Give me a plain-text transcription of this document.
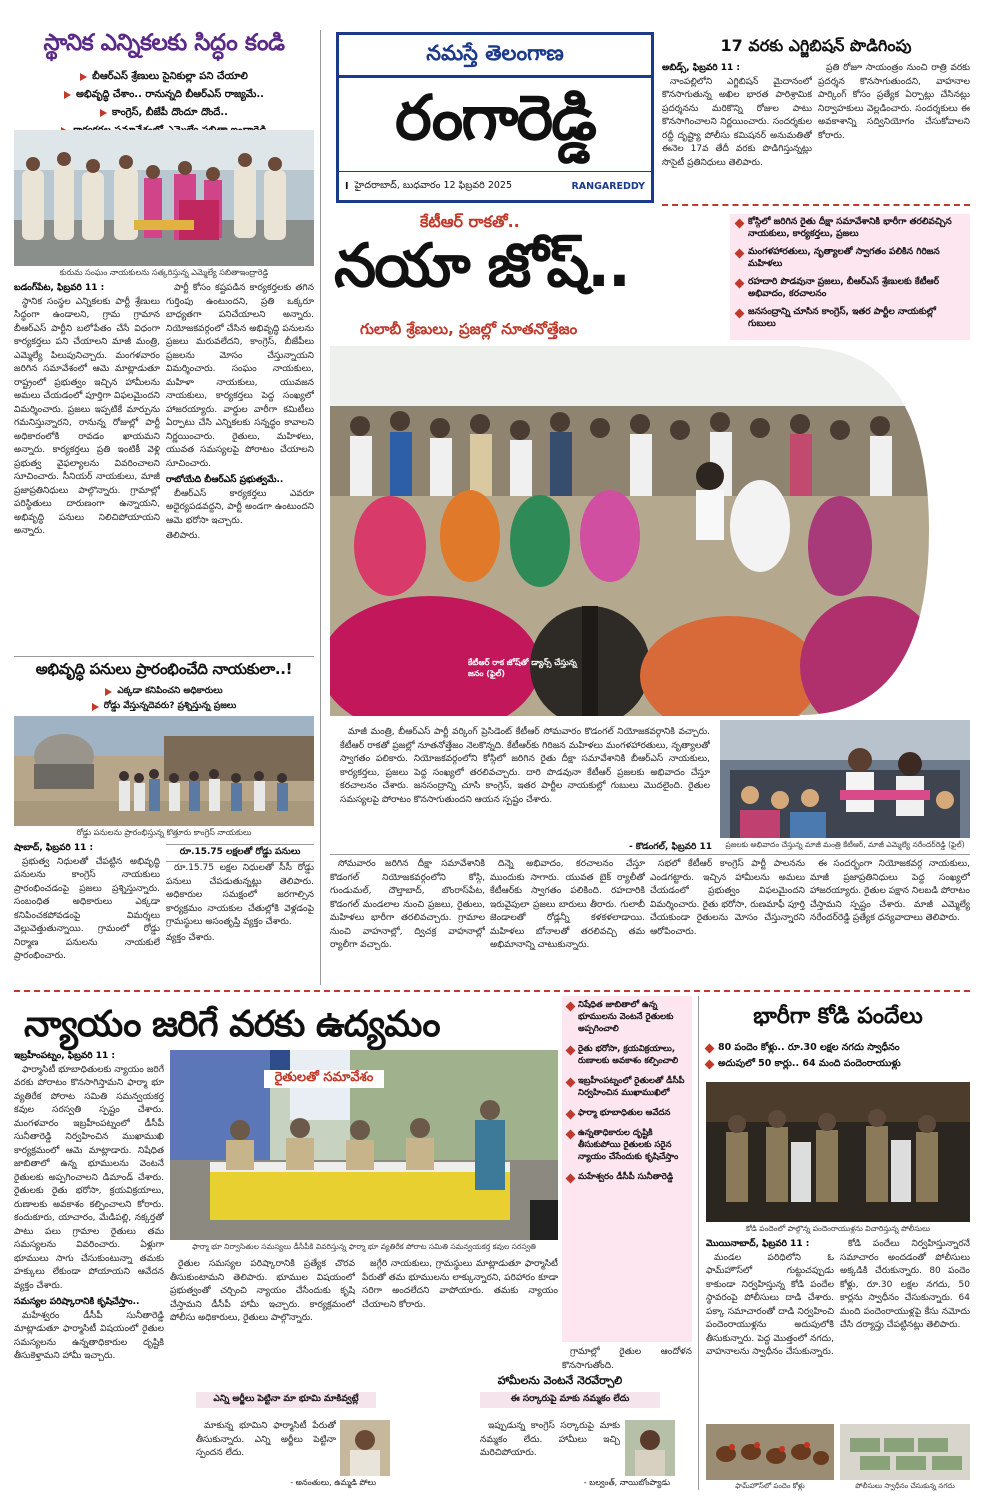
స్థానిక ఎన్నికలకు సిద్ధం కండి
బీఆర్‌ఎస్‌ శ్రేణులు సైనికుల్లా పని చేయాలి
అభివృద్ధి చేశాం.. రానున్నది బీఆర్‌ఎస్‌ రాజ్యమే..
కాంగ్రెస్‌, బీజేపీ దొందూ దొందే..
కురుమ సంఘం నాయకులను సత్కరిస్తున్న ఎమ్మెల్యే సబితాఇంద్రారెడ్డి
బడంగ్‌పేట, ఫిబ్రవరి 11 :

స్థానిక సంస్థల ఎన్నికలకు పార్టీ శ్రేణులు సిద్ధంగా ఉండాలని, గ్రామ గ్రామాన బీఆర్‌ఎస్‌ పార్టీని బలోపేతం చేసే విధంగా కార్యకర్తలు పని చేయాలని మాజీ మంత్రి, ఎమ్మెల్యే పిలుపునిచ్చారు. మంగళవారం జరిగిన సమావేశంలో ఆమె మాట్లాడుతూ రాష్ట్రంలో ప్రభుత్వం ఇచ్చిన హామీలను అమలు చేయడంలో పూర్తిగా విఫలమైందని విమర్శించారు. ప్రజలు ఇప్పటికే మార్పును గమనిస్తున్నారని, రానున్న రోజుల్లో పార్టీ అధికారంలోకి రావడం ఖాయమని అన్నారు. కార్యకర్తలు ప్రతి ఇంటికీ వెళ్లి ప్రభుత్వ వైఫల్యాలను వివరించాలని సూచించారు. సీనియర్‌ నాయకులు, మాజీ ప్రజాప్రతినిధులు పాల్గొన్నారు. గ్రామాల్లో పరిస్థితులు దారుణంగా ఉన్నాయని, అభివృద్ధి పనులు నిలిచిపోయాయని అన్నారు.

పార్టీ కోసం కష్టపడిన కార్యకర్తలకు తగిన గుర్తింపు ఉంటుందని, ప్రతి ఒక్కరూ బాధ్యతగా పనిచేయాలని అన్నారు. నియోజకవర్గంలో చేసిన అభివృద్ధి పనులను ప్రజలు మరువలేదని, కాంగ్రెస్‌, బీజేపీలు ప్రజలను మోసం చేస్తున్నాయని విమర్శించారు. సంఘం నాయకులు, మహిళా నాయకులు, యువజన నాయకులు, కార్యకర్తలు పెద్ద సంఖ్యలో హాజరయ్యారు. వార్డుల వారీగా కమిటీలు ఏర్పాటు చేసి ఎన్నికలకు సన్నద్ధం కావాలని నిర్ణయించారు. రైతులు, మహిళలు, యువత సమస్యలపై పోరాటం చేయాలని సూచించారు.

రాబోయేది బీఆర్‌ఎస్‌ ప్రభుత్వమే..

బీఆర్‌ఎస్‌ కార్యకర్తలు ఎవరూ అధైర్యపడవద్దని, పార్టీ అండగా ఉంటుందని ఆమె భరోసా ఇచ్చారు.

తెలిపారు.
అభివృద్ధి పనులు ప్రారంభించేది నాయకులా..!
ఎక్కడా కనిపించని అధికారులు
రోడ్డు వేస్తున్నదెవరు? ప్రశ్నిస్తున్న ప్రజలు
రోడ్డు పనులను ప్రారంభిస్తున్న కొత్తూరు కాంగ్రెస్‌ నాయకులు
షాబాద్‌, ఫిబ్రవరి 11 :

ప్రభుత్వ నిధులతో చేపట్టిన అభివృద్ధి పనులను కాంగ్రెస్‌ నాయకులు ప్రారంభించడంపై ప్రజలు ప్రశ్నిస్తున్నారు. సంబంధిత అధికారులు ఎక్కడా కనిపించకపోవడంపై విమర్శలు వెల్లువెత్తుతున్నాయి. గ్రామంలో రోడ్డు నిర్మాణ పనులను నాయకులే ప్రారంభించారు.

రూ.15.75 లక్షలతో రోడ్డు పనులు

రూ.15.75 లక్షల నిధులతో సీసీ రోడ్డు పనులు చేపడుతున్నట్లు తెలిపారు. అధికారుల సమక్షంలో జరగాల్సిన కార్యక్రమం నాయకుల చేతుల్లోకి వెళ్లడంపై గ్రామస్థులు అసంతృప్తి వ్యక్తం చేశారు.

వ్యక్తం చేశారు.
నమస్తే తెలంగాణ
రంగారెడ్డి
I హైదరాబాద్‌, బుధవారం 12 ఫిబ్రవరి 2025	RANGAREDDY
17 వరకు ఎగ్జిబిషన్‌ పొడిగింపు
అబిడ్స్‌, ఫిబ్రవరి 11 :

నాంపల్లిలోని ఎగ్జిబిషన్‌ మైదానంలో కొనసాగుతున్న అఖిల భారత పారిశ్రామిక ప్రదర్శనను మరికొన్ని రోజుల పాటు కొనసాగించాలని నిర్ణయించారు. సందర్శకుల రద్దీ దృష్ట్యా పోలీసు కమిషనర్‌ అనుమతితో ఈనెల 17వ తేదీ వరకు పొడిగిస్తున్నట్లు సొసైటీ ప్రతినిధులు తెలిపారు.

ప్రతి రోజూ సాయంత్రం నుంచి రాత్రి వరకు ప్రదర్శన కొనసాగుతుందని, వాహనాల పార్కింగ్‌ కోసం ప్రత్యేక ఏర్పాట్లు చేసినట్లు నిర్వాహకులు వెల్లడించారు. సందర్శకులు ఈ అవకాశాన్ని సద్వినియోగం చేసుకోవాలని కోరారు.

కేటీఆర్‌ రాకతో..
నయా జోష్‌..
గులాబీ శ్రేణులు, ప్రజల్లో నూతనోత్తేజం
కోస్గిలో జరిగిన రైతు దీక్షా సమావేశానికి భారీగా తరలివచ్చిన నాయకులు, కార్యకర్తలు, ప్రజలు
మంగళహారతులు, నృత్యాలతో స్వాగతం పలికిన గిరిజన మహిళలు
రహదారి పొడవునా ప్రజలు, బీఆర్‌ఎస్‌ శ్రేణులకు కేటీఆర్‌ అభివాదం, కరచాలనం
జనసంద్రాన్ని చూసిన కాంగ్రెస్‌, ఇతర పార్టీల నాయకుల్లో గుబులు
కేటీఆర్‌ రాక జోష్‌తో డ్యాన్స్‌ చేస్తున్న జనం (ఫైల్‌)

మాజీ మంత్రి, బీఆర్‌ఎస్‌ పార్టీ వర్కింగ్‌ ప్రెసిడెంట్‌ కేటీఆర్‌ సోమవారం కొడంగల్‌ నియోజకవర్గానికి వచ్చారు. కేటీఆర్‌ రాకతో ప్రజల్లో నూతనోత్తేజం నెలకొన్నది. కేటీఆర్‌కు గిరిజన మహిళలు మంగళహారతులు, నృత్యాలతో స్వాగతం పలికారు. నియోజకవర్గంలోని కోస్గిలో జరిగిన రైతు దీక్షా సమావేశానికి బీఆర్‌ఎస్‌ నాయకులు, కార్యకర్తలు, ప్రజలు పెద్ద సంఖ్యలో తరలివచ్చారు. దారి పొడవునా కేటీఆర్‌ ప్రజలకు అభివాదం చేస్తూ కరచాలనం చేశారు. జనసంద్రాన్ని చూసి కాంగ్రెస్‌, ఇతర పార్టీల నాయకుల్లో గుబులు మొదలైంది. రైతుల సమస్యలపై పోరాటం కొనసాగుతుందని ఆయన స్పష్టం చేశారు.

- కొడంగల్‌, ఫిబ్రవరి 11	ప్రజలకు అభివాదం చేస్తున్న మాజీ మంత్రి కేటీఆర్‌, మాజీ ఎమ్మెల్యే నరేందర్‌రెడ్డి (ఫైల్‌)

సోమవారం జరిగిన దీక్షా సమావేశానికి కొడంగల్‌ నియోజకవర్గంలోని కోస్గి, గుండుమల్‌, దౌల్తాబాద్‌, బొంరాస్‌పేట, కొడంగల్‌ మండలాల నుంచి ప్రజలు, రైతులు, మహిళలు భారీగా తరలివచ్చారు. గ్రామాల నుంచి వాహనాల్లో, ద్విచక్ర వాహనాల్లో ర్యాలీగా వచ్చారు.

దిన్నె అభివాదం, కరచాలనం చేస్తూ ముందుకు సాగారు. యువత బైక్‌ ర్యాలీతో కేటీఆర్‌కు స్వాగతం పలికింది. రహదారికి ఇరువైపులా ప్రజలు బారులు తీరారు. గులాబీ జెండాలతో రోడ్లన్నీ కళకళలాడాయి. మహిళలు బోనాలతో తరలివచ్చి తమ అభిమానాన్ని చాటుకున్నారు.

సభలో కేటీఆర్‌ కాంగ్రెస్‌ పార్టీ పాలనను ఎండగట్టారు. ఇచ్చిన హామీలను అమలు చేయడంలో ప్రభుత్వం విఫలమైందని విమర్శించారు. రైతు భరోసా, రుణమాఫీ పూర్తి చేయకుండా రైతులను మోసం చేస్తున్నారని ఆరోపించారు.

ఈ సందర్భంగా నియోజకవర్గ నాయకులు, మాజీ ప్రజాప్రతినిధులు పెద్ద సంఖ్యలో హాజరయ్యారు. రైతుల పక్షాన నిలబడి పోరాటం చేస్తామని స్పష్టం చేశారు. మాజీ ఎమ్మెల్యే నరేందర్‌రెడ్డి ప్రత్యేక ధన్యవాదాలు తెలిపారు.

న్యాయం జరిగే వరకు ఉద్యమం	నిషేధిత జాబితాలో ఉన్న భూములను వెంటనే రైతులకు అప్పగించాలి
రైతు భరోసా, క్రయవిక్రయాలు, రుణాలకు అవకాశం కల్పించాలి
ఇబ్రహీంపట్నంలో రైతులతో డీసీపీ నిర్వహించిన ముఖాముఖిలో
ఫార్మా భూబాధితుల ఆవేదన
ఉన్నతాధికారుల దృష్టికి తీసుకుపోయి రైతులకు సరైన న్యాయం చేసేందుకు కృషిచేస్తాం
మహేశ్వరం డీసీపీ సునీతారెడ్డి
ఇబ్రహీంపట్నం, ఫిబ్రవరి 11 :

ఫార్మాసిటీ భూబాధితులకు న్యాయం జరిగే వరకు పోరాటం కొనసాగిస్తామని ఫార్మా భూ వ్యతిరేక పోరాట సమితి సమన్వయకర్త కవుల సరస్వతి స్పష్టం చేశారు. మంగళవారం ఇబ్రహీంపట్నంలో డీసీపీ సునీతారెడ్డి నిర్వహించిన ముఖాముఖి కార్యక్రమంలో ఆమె మాట్లాడారు. నిషేధిత జాబితాలో ఉన్న భూములను వెంటనే రైతులకు అప్పగించాలని డిమాండ్‌ చేశారు. రైతులకు రైతు భరోసా, క్రయవిక్రయాలు, రుణాలకు అవకాశం కల్పించాలని కోరారు. కందుకూరు, యాచారం, మేడిపల్లి, నక్కర్తతో పాటు పలు గ్రామాల రైతులు తమ సమస్యలను వివరించారు. ఏళ్లుగా భూములు సాగు చేసుకుంటున్నా తమకు హక్కులు లేకుండా పోయాయని ఆవేదన వ్యక్తం చేశారు.

సమస్యల పరిష్కారానికి కృషిచేస్తాం..

మహేశ్వరం డీసీపీ సునీతారెడ్డి మాట్లాడుతూ ఫార్మాసిటీ విషయంలో రైతుల సమస్యలను ఉన్నతాధికారుల దృష్టికి తీసుకెళ్తామని హామీ ఇచ్చారు.

రైతులతో సమావేశం
ఫార్మా భూ నిర్వాసితుల సమస్యలు డీసీపీకి వివరిస్తున్న ఫార్మా భూ వ్యతిరేక పోరాట సమితి సమన్వయకర్త కవుల సరస్వతి

రైతుల సమస్యల పరిష్కారానికి ప్రత్యేక చొరవ తీసుకుంటామని తెలిపారు. భూముల విషయంలో ప్రభుత్వంతో చర్చించి న్యాయం చేసేందుకు కృషి చేస్తామని డీసీపీ హామీ ఇచ్చారు. కార్యక్రమంలో పోలీసు అధికారులు, రైతులు పాల్గొన్నారు.

జగ్గేరి నాయకులు, గ్రామస్థులు మాట్లాడుతూ ఫార్మాసిటీ పేరుతో తమ భూములను లాక్కున్నారని, పరిహారం కూడా సరిగా అందలేదని వాపోయారు. తమకు న్యాయం చేయాలని కోరారు.

గ్రామాల్లో రైతుల ఆందోళన కొనసాగుతోంది.

హామీలను వెంటనే నెరవేర్చాలి
ఎన్ని అర్జీలు పెట్టినా మా భూమి మాకివ్వట్లే

మాకున్న భూమిని ఫార్మాసిటీ పేరుతో తీసుకున్నారు. ఎన్ని అర్జీలు పెట్టినా స్పందన లేదు.

- అనంతులు, ఉమ్మడి పోలు
ఈ సర్కారుపై మాకు నమ్మకం లేదు

ఇప్పుడున్న కాంగ్రెస్‌ సర్కారుపై మాకు నమ్మకం లేదు. హామీలు ఇచ్చి మరిచిపోయారు.

- బల్వంత్‌, నాయిబోంప్యాడు
భారీగా కోడి పందేలు
80 పందెం కోళ్లు.. రూ.30 లక్షల నగదు స్వాధీనం
అదుపులో 50 కార్లు.. 64 మంది పందెంరాయుళ్లు
కోడి పందెంలో పాల్గొన్న పందెంరాయుళ్లను విచారిస్తున్న పోలీసులు
మొయినాబాద్‌, ఫిబ్రవరి 11 :

మండల పరిధిలోని ఓ ఫామ్‌హౌస్‌లో గుట్టుచప్పుడు కాకుండా నిర్వహిస్తున్న కోడి పందేల స్థావరంపై పోలీసులు దాడి చేశారు. పక్కా సమాచారంతో దాడి నిర్వహించి పందెంరాయుళ్లను అదుపులోకి తీసుకున్నారు. పెద్ద మొత్తంలో నగదు, వాహనాలను స్వాధీనం చేసుకున్నారు.

కోడి పందేలు నిర్వహిస్తున్నారనే సమాచారం అందడంతో పోలీసులు అక్కడికి చేరుకున్నారు. 80 పందెం కోళ్లు, రూ.30 లక్షల నగదు, 50 కార్లను స్వాధీనం చేసుకున్నారు. 64 మంది పందెంరాయుళ్లపై కేసు నమోదు చేసి దర్యాప్తు చేపట్టినట్లు తెలిపారు.

ఫామ్‌హౌస్‌లో పందెం కోళ్లు	పోలీసులు స్వాధీనం చేసుకున్న నగదు
